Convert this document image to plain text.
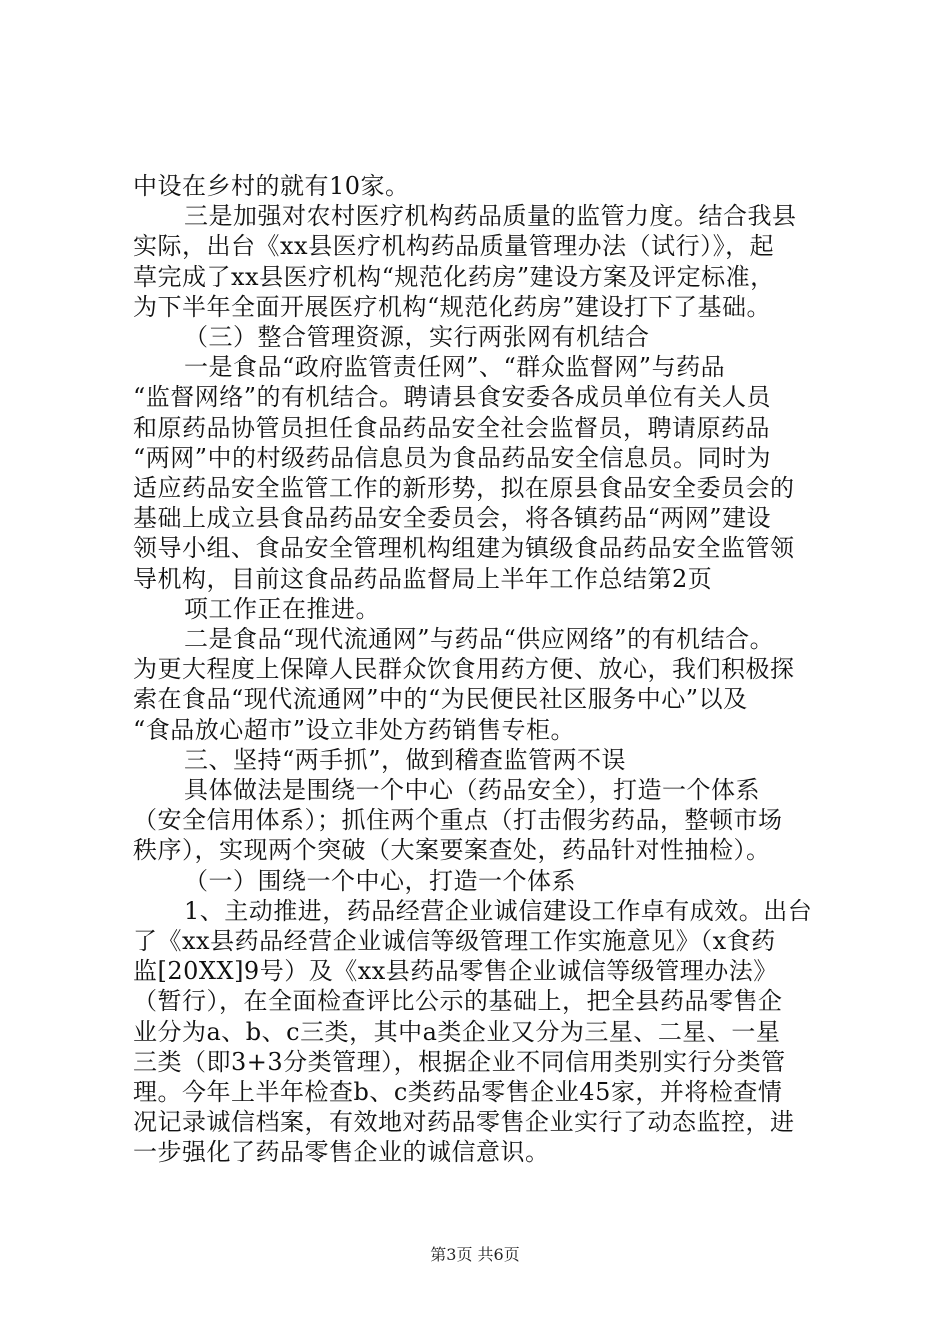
中设在乡村的就有10家。
三是加强对农村医疗机构药品质量的监管力度。结合我县
实际，出台《xx县医疗机构药品质量管理办法（试行）》，起
草完成了xx县医疗机构“规范化药房”建设方案及评定标准，
为下半年全面开展医疗机构“规范化药房”建设打下了基础。
（三）整合管理资源，实行两张网有机结合
一是食品“政府监管责任网”、“群众监督网”与药品
“监督网络”的有机结合。聘请县食安委各成员单位有关人员
和原药品协管员担任食品药品安全社会监督员，聘请原药品
“两网”中的村级药品信息员为食品药品安全信息员。同时为
适应药品安全监管工作的新形势，拟在原县食品安全委员会的
基础上成立县食品药品安全委员会，将各镇药品“两网”建设
领导小组、食品安全管理机构组建为镇级食品药品安全监管领
导机构，目前这食品药品监督局上半年工作总结第2页
项工作正在推进。
二是食品“现代流通网”与药品“供应网络”的有机结合。
为更大程度上保障人民群众饮食用药方便、放心，我们积极探
索在食品“现代流通网”中的“为民便民社区服务中心”以及
“食品放心超市”设立非处方药销售专柜。
三、坚持“两手抓”，做到稽查监管两不误
具体做法是围绕一个中心（药品安全），打造一个体系
（安全信用体系）；抓住两个重点（打击假劣药品，整顿市场
秩序），实现两个突破（大案要案查处，药品针对性抽检）。
（一）围绕一个中心，打造一个体系
1、主动推进，药品经营企业诚信建设工作卓有成效。出台
了《xx县药品经营企业诚信等级管理工作实施意见》（x食药
监[20XX]9号）及《xx县药品零售企业诚信等级管理办法》
（暂行），在全面检查评比公示的基础上，把全县药品零售企
业分为a、b、c三类，其中a类企业又分为三星、二星、一星
三类（即3+3分类管理），根据企业不同信用类别实行分类管
理。今年上半年检查b、c类药品零售企业45家，并将检查情
况记录诚信档案，有效地对药品零售企业实行了动态监控，进
一步强化了药品零售企业的诚信意识。
第3页 共6页
